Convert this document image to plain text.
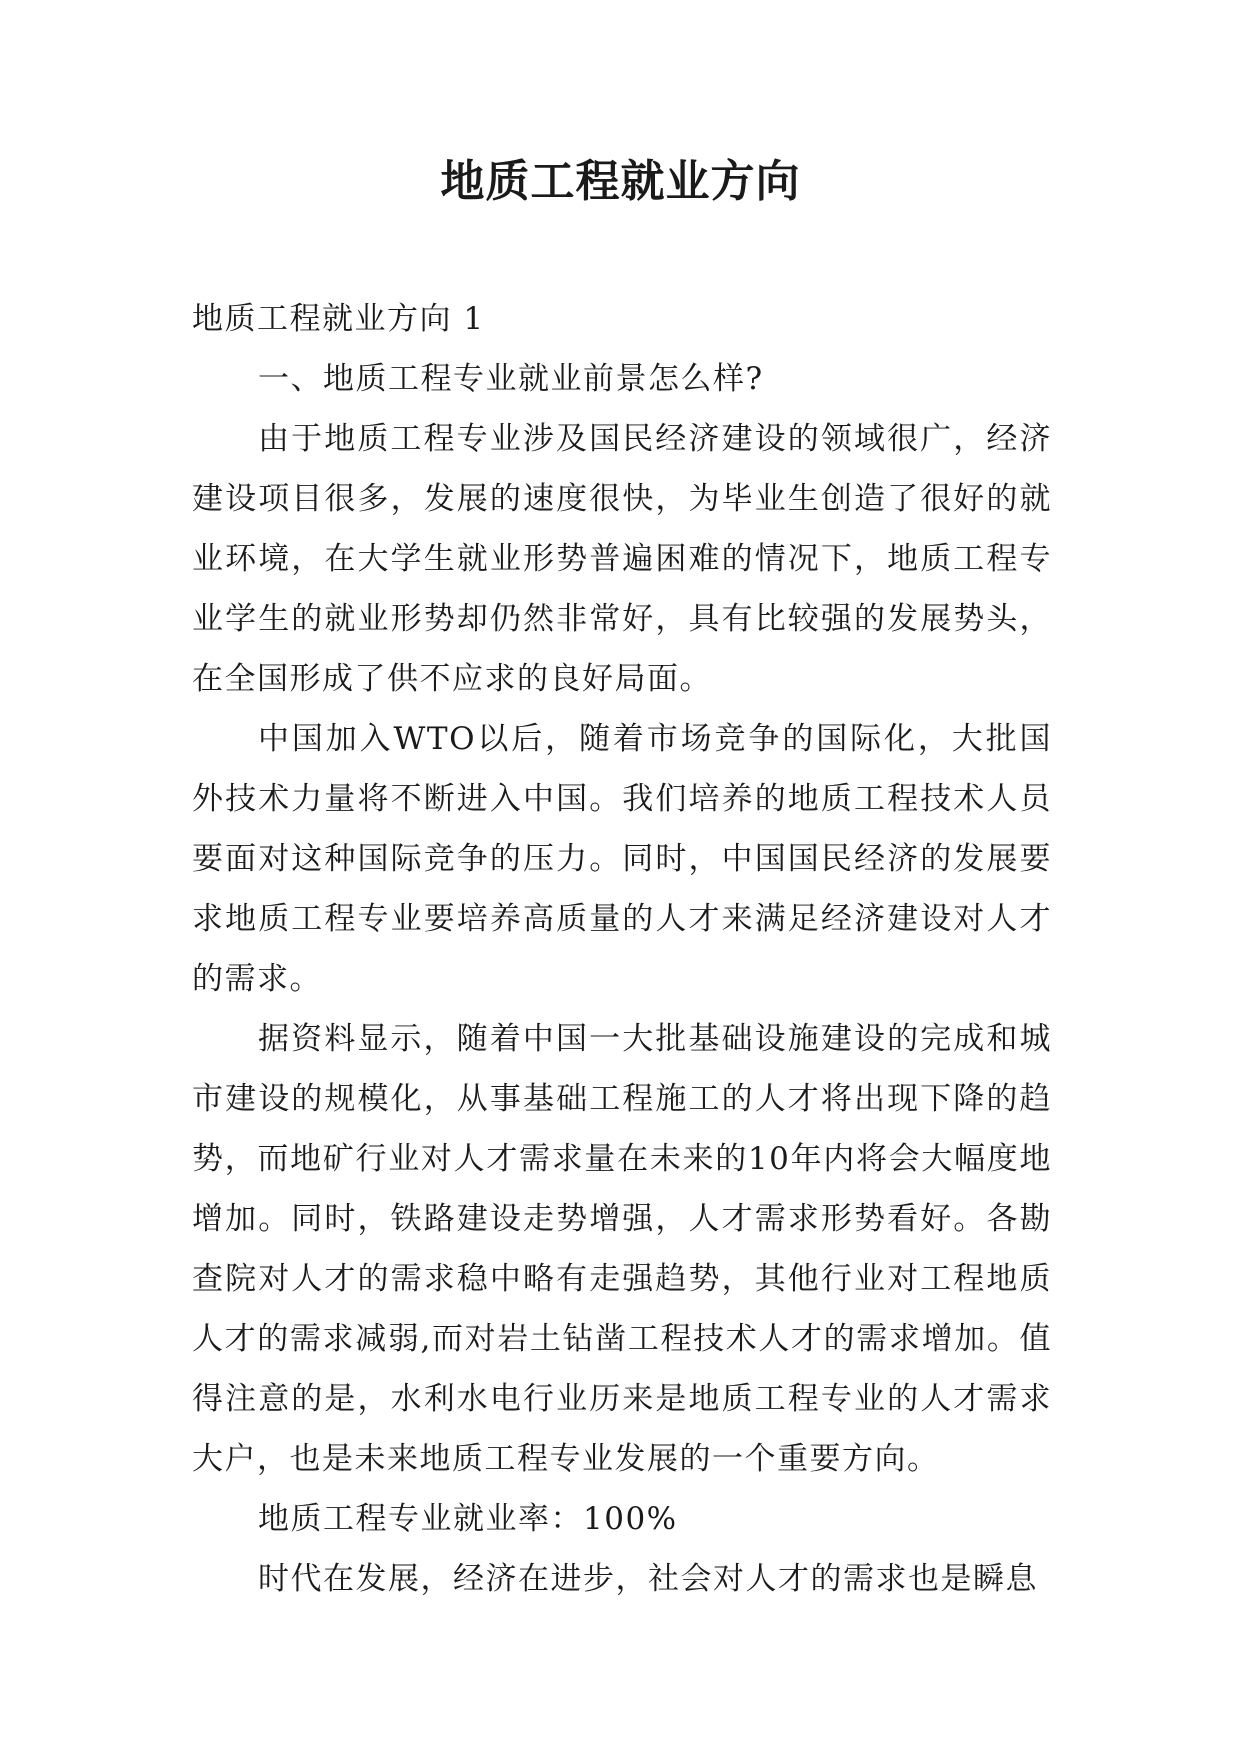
地质工程就业方向

地质工程就业方向 1

一、地质工程专业就业前景怎么样?

由于地质工程专业涉及国民经济建设的领域很广，经济建设项目很多，发展的速度很快，为毕业生创造了很好的就业环境，在大学生就业形势普遍困难的情况下，地质工程专业学生的就业形势却仍然非常好，具有比较强的发展势头，在全国形成了供不应求的良好局面。

中国加入WTO以后，随着市场竞争的国际化，大批国外技术力量将不断进入中国。我们培养的地质工程技术人员要面对这种国际竞争的压力。同时，中国国民经济的发展要求地质工程专业要培养高质量的人才来满足经济建设对人才的需求。

据资料显示，随着中国一大批基础设施建设的完成和城市建设的规模化，从事基础工程施工的人才将出现下降的趋势，而地矿行业对人才需求量在未来的10年内将会大幅度地增加。同时，铁路建设走势增强，人才需求形势看好。各勘查院对人才的需求稳中略有走强趋势，其他行业对工程地质人才的需求减弱,而对岩土钻凿工程技术人才的需求增加。值得注意的是，水利水电行业历来是地质工程专业的人才需求大户，也是未来地质工程专业发展的一个重要方向。

地质工程专业就业率：100%

时代在发展，经济在进步，社会对人才的需求也是瞬息
